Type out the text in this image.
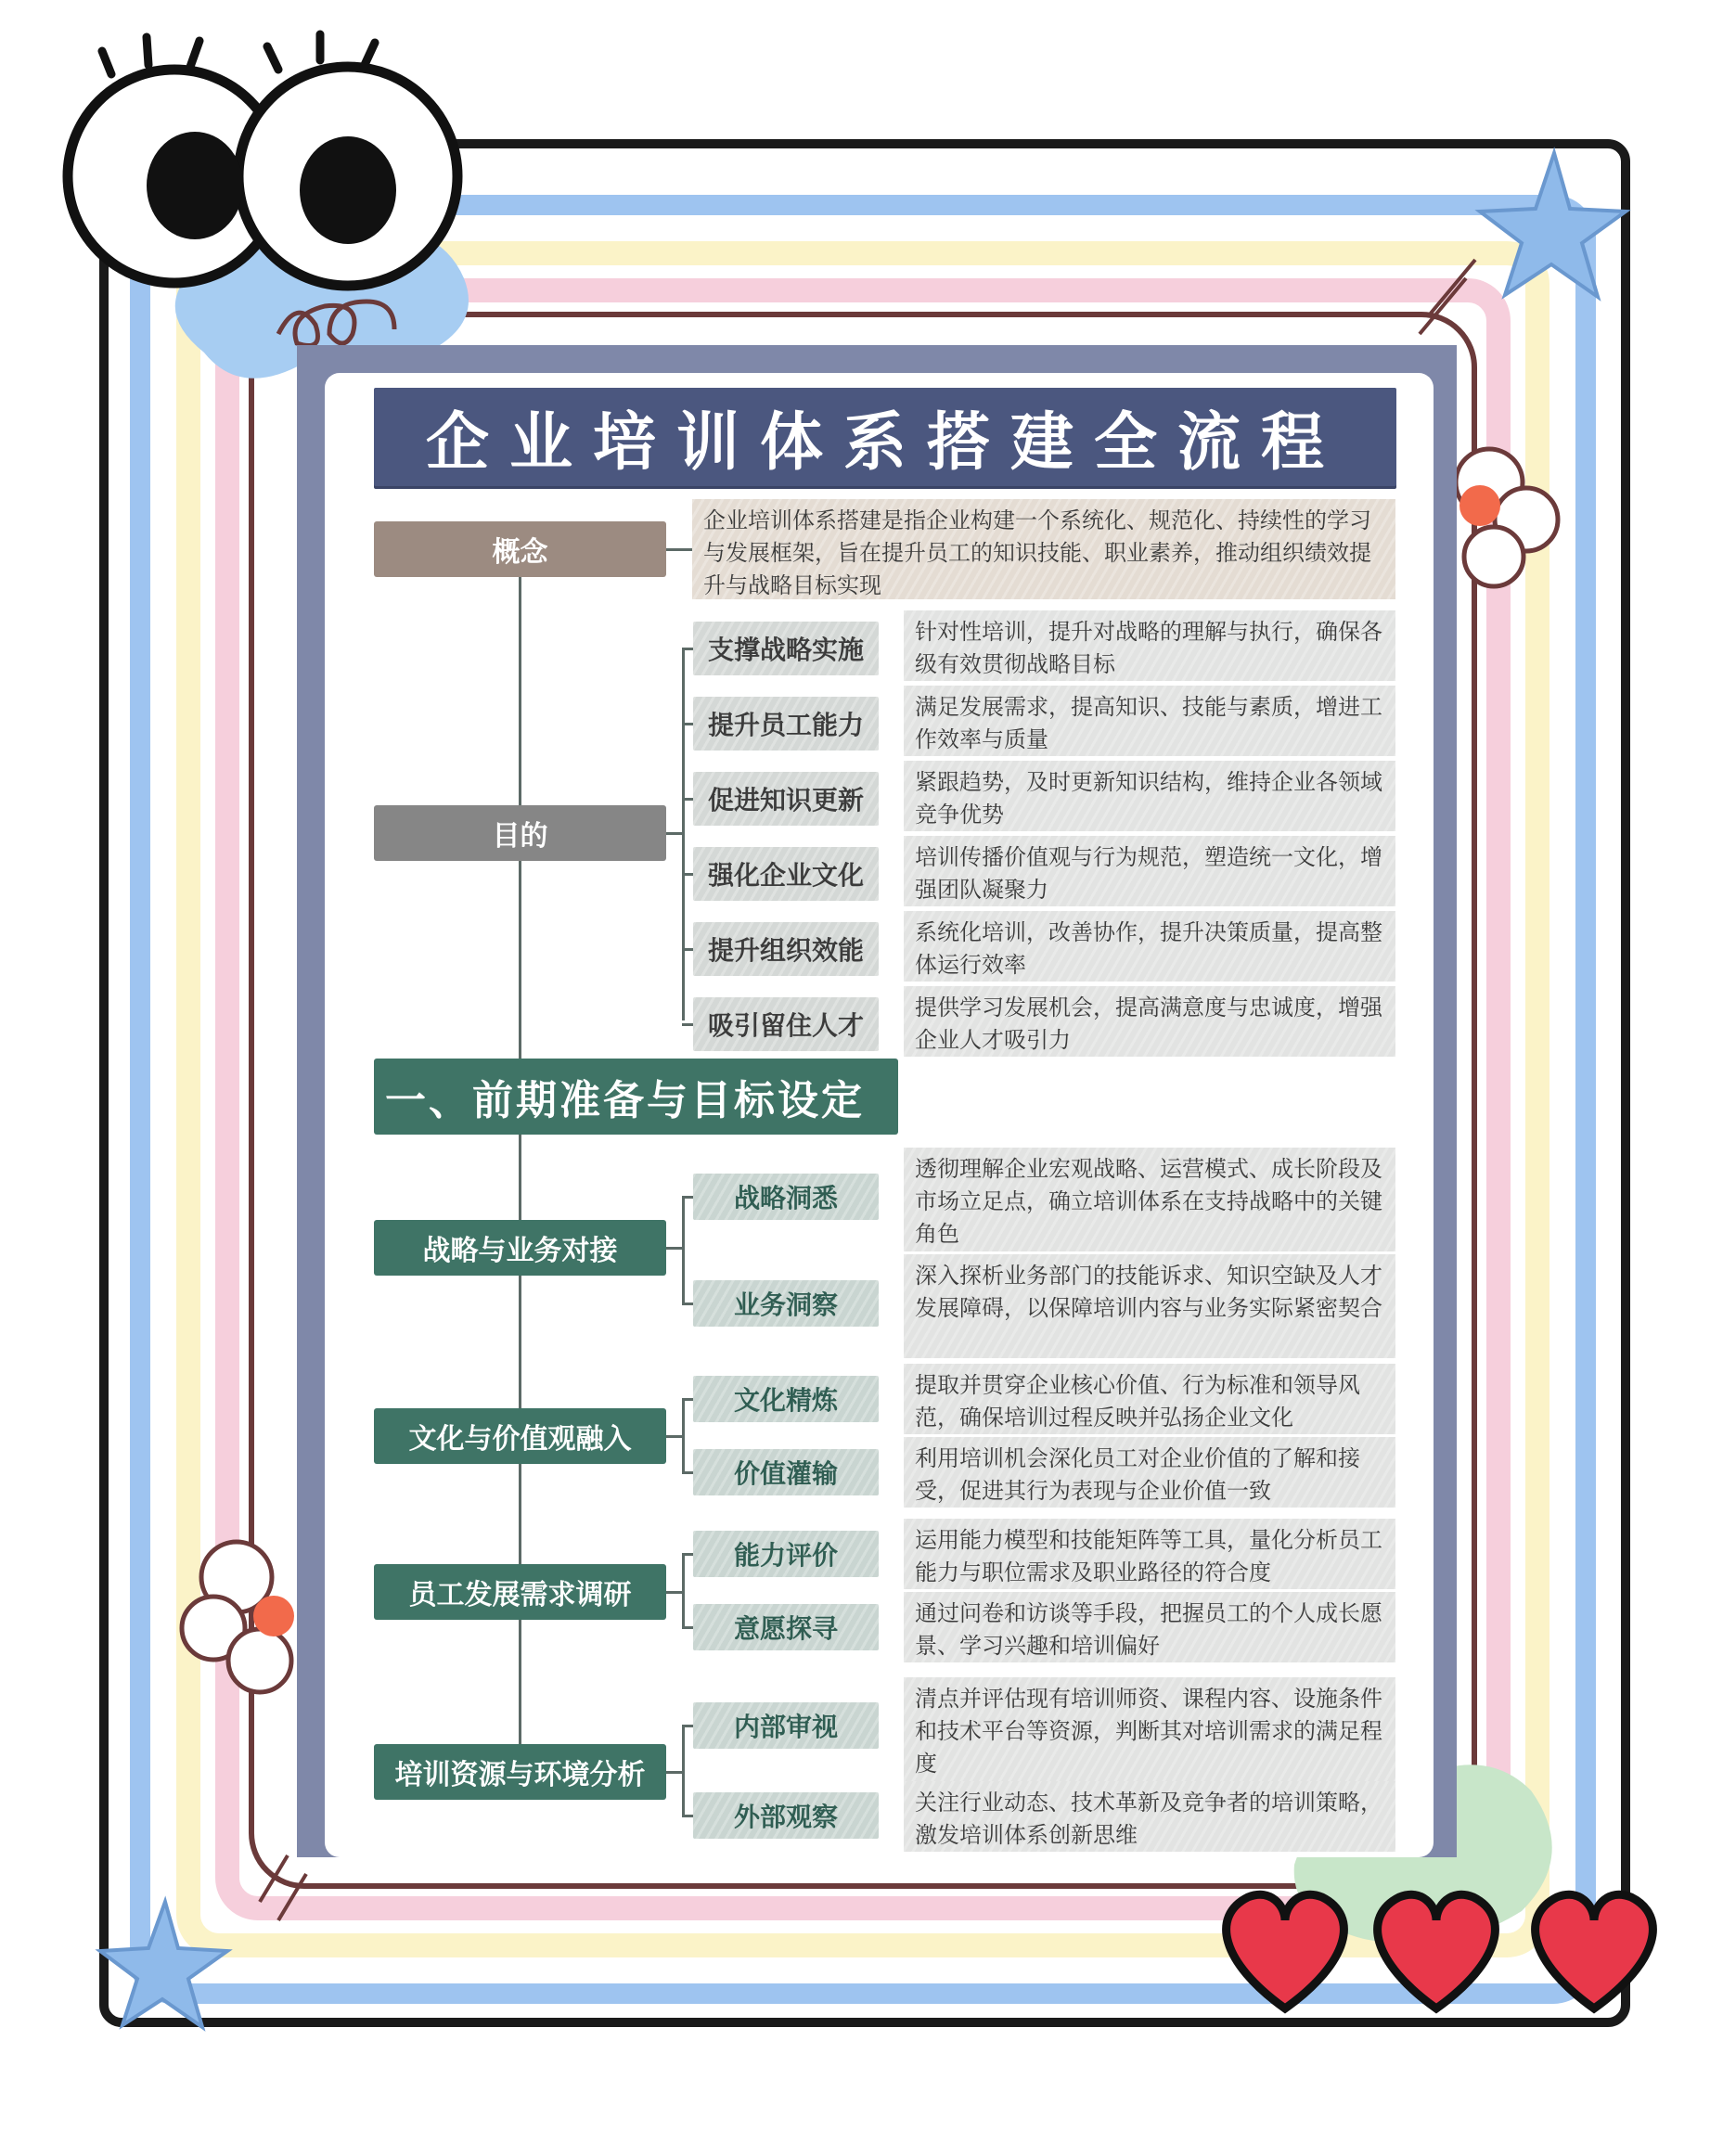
企业培训体系搭建全流程
概念
企业培训体系搭建是指企业构建一个系统化、规范化、持续性的学习与发展框架，旨在提升员工的知识技能、职业素养，推动组织绩效提升与战略目标实现
目的
支撑战略实施
针对性培训，提升对战略的理解与执行，确保各级有效贯彻战略目标
提升员工能力
满足发展需求，提高知识、技能与素质，增进工作效率与质量
促进知识更新
紧跟趋势，及时更新知识结构，维持企业各领域竞争优势
强化企业文化
培训传播价值观与行为规范，塑造统一文化，增强团队凝聚力
提升组织效能
系统化培训，改善协作，提升决策质量，提高整体运行效率
吸引留住人才
提供学习发展机会，提高满意度与忠诚度，增强企业人才吸引力
一、前期准备与目标设定
战略与业务对接
战略洞悉
透彻理解企业宏观战略、运营模式、成长阶段及市场立足点，确立培训体系在支持战略中的关键角色
业务洞察
深入探析业务部门的技能诉求、知识空缺及人才发展障碍，以保障培训内容与业务实际紧密契合
文化与价值观融入
文化精炼	提取并贯穿企业核心价值、行为标准和领导风范，确保培训过程反映并弘扬企业文化
价值灌输	利用培训机会深化员工对企业价值的了解和接受，促进其行为表现与企业价值一致
员工发展需求调研
能力评价	运用能力模型和技能矩阵等工具，量化分析员工能力与职位需求及职业路径的符合度
意愿探寻	通过问卷和访谈等手段，把握员工的个人成长愿景、学习兴趣和培训偏好
培训资源与环境分析
内部审视
清点并评估现有培训师资、课程内容、设施条件和技术平台等资源，判断其对培训需求的满足程度
外部观察	关注行业动态、技术革新及竞争者的培训策略，激发培训体系创新思维
